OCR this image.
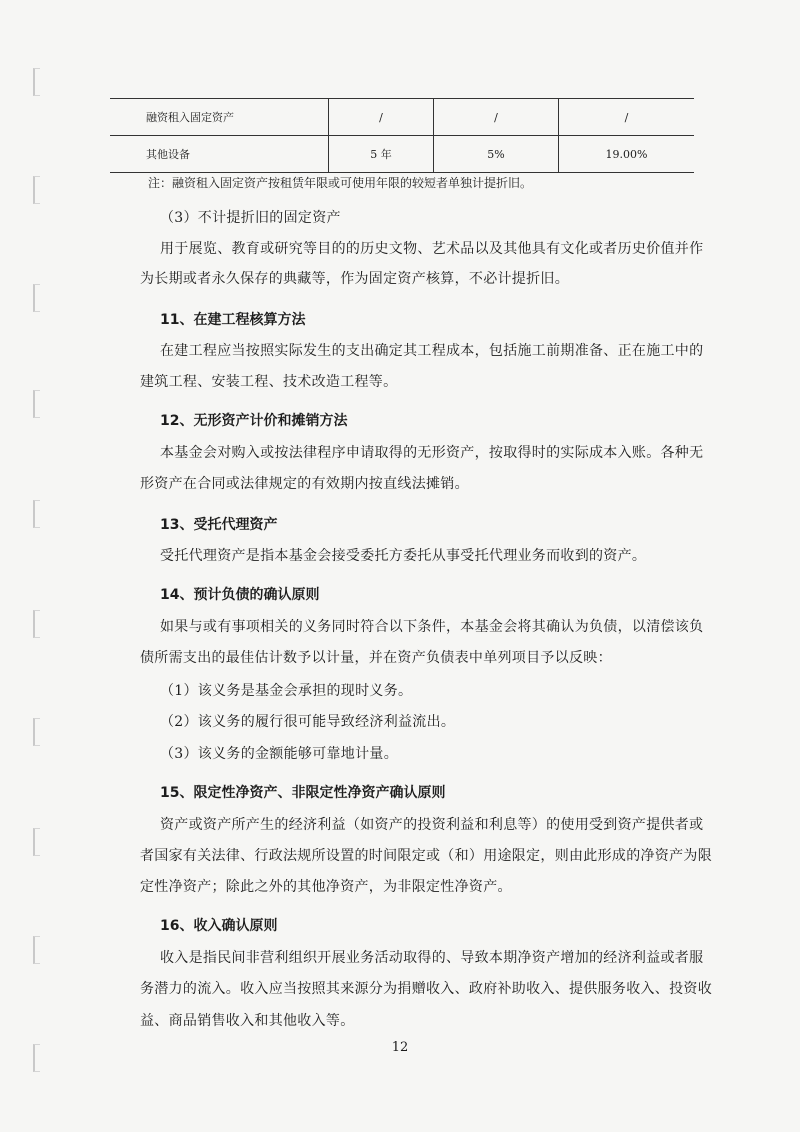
融资租入固定资产	/	/	/
其他设备	5 年	5%	19.00%
注：融资租入固定资产按租赁年限或可使用年限的较短者单独计提折旧。
（3）不计提折旧的固定资产
用于展览、教育或研究等目的的历史文物、艺术品以及其他具有文化或者历史价值并作
为长期或者永久保存的典藏等，作为固定资产核算，不必计提折旧。
11、在建工程核算方法
在建工程应当按照实际发生的支出确定其工程成本，包括施工前期准备、正在施工中的
建筑工程、安装工程、技术改造工程等。
12、无形资产计价和摊销方法
本基金会对购入或按法律程序申请取得的无形资产，按取得时的实际成本入账。各种无
形资产在合同或法律规定的有效期内按直线法摊销。
13、受托代理资产
受托代理资产是指本基金会接受委托方委托从事受托代理业务而收到的资产。
14、预计负债的确认原则
如果与或有事项相关的义务同时符合以下条件，本基金会将其确认为负债，以清偿该负
债所需支出的最佳估计数予以计量，并在资产负债表中单列项目予以反映：
（1）该义务是基金会承担的现时义务。
（2）该义务的履行很可能导致经济利益流出。
（3）该义务的金额能够可靠地计量。
15、限定性净资产、非限定性净资产确认原则
资产或资产所产生的经济利益（如资产的投资利益和利息等）的使用受到资产提供者或
者国家有关法律、行政法规所设置的时间限定或（和）用途限定，则由此形成的净资产为限
定性净资产；除此之外的其他净资产，为非限定性净资产。
16、收入确认原则
收入是指民间非营利组织开展业务活动取得的、导致本期净资产增加的经济利益或者服
务潜力的流入。收入应当按照其来源分为捐赠收入、政府补助收入、提供服务收入、投资收
益、商品销售收入和其他收入等。
12
